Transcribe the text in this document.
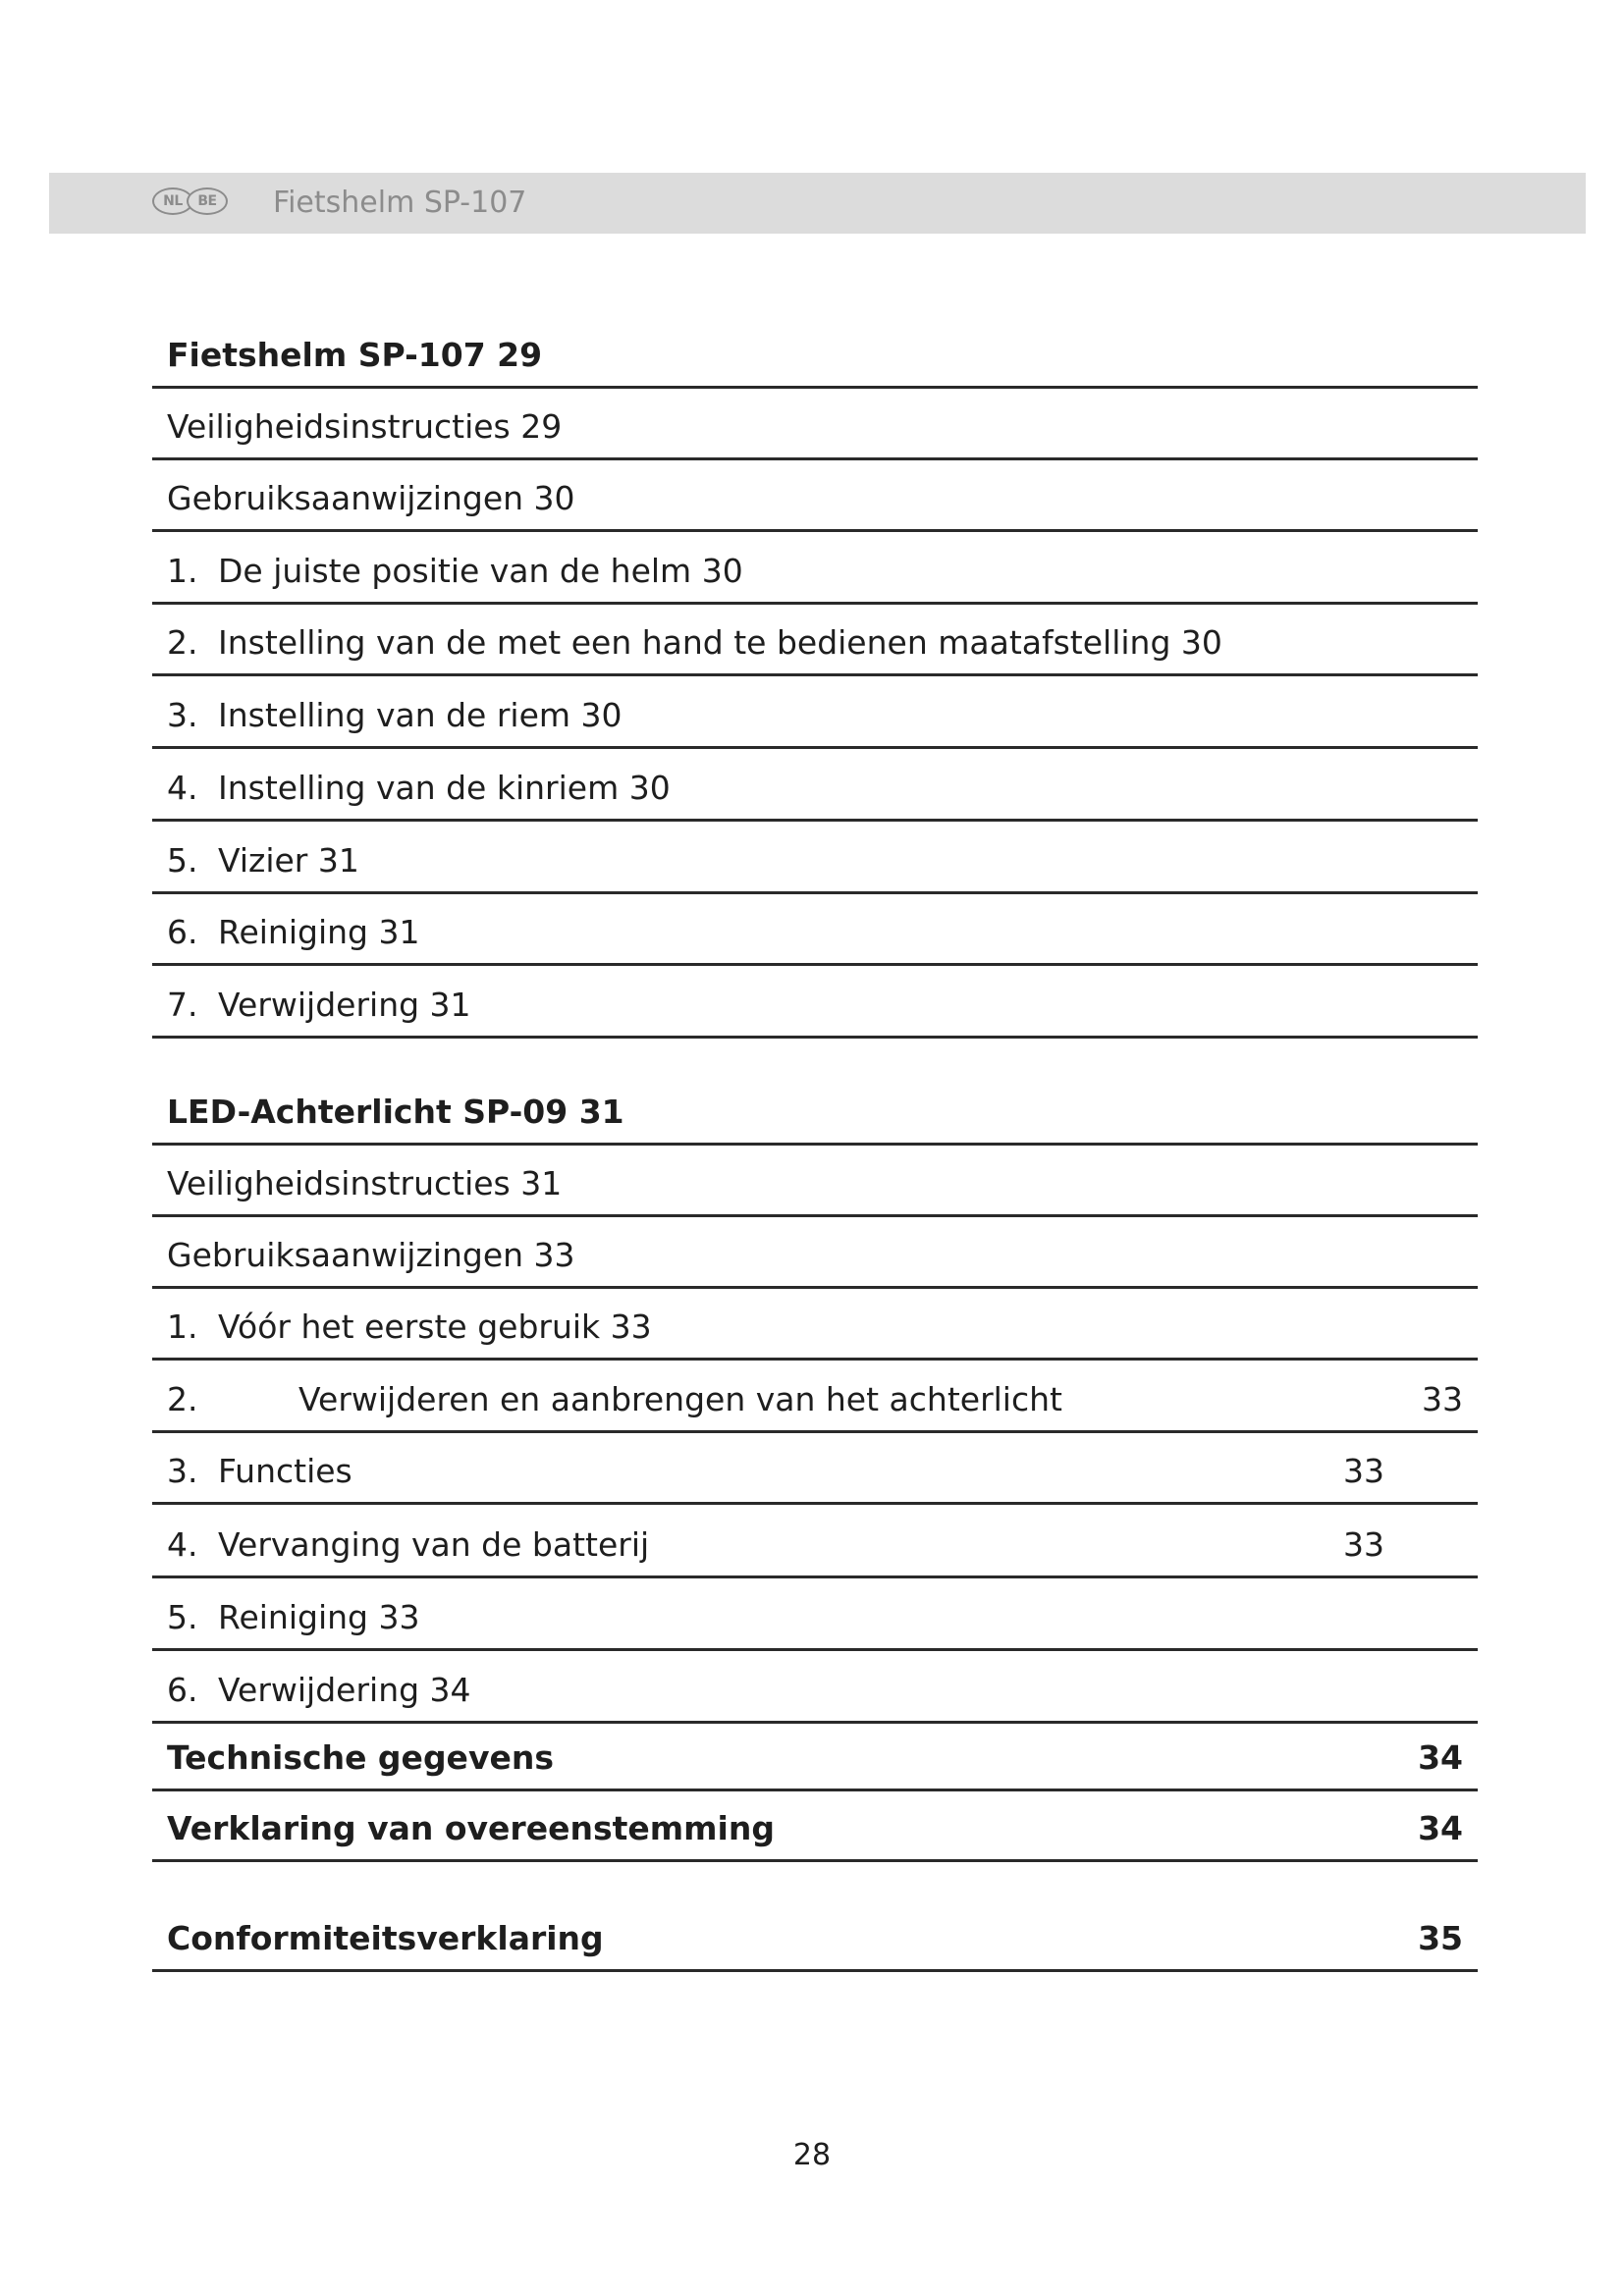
NL	BE	Fietshelm SP-107
Fietshelm SP-107 29
Veiligheidsinstructies 29
Gebruiksaanwijzingen 30
1. De juiste positie van de helm 30
2. Instelling van de met een hand te bedienen maatafstelling 30
3. Instelling van de riem 30
4. Instelling van de kinriem 30
5. Vizier 31
6. Reiniging 31
7. Verwijdering 31
LED-Achterlicht SP-09 31
Veiligheidsinstructies 31
Gebruiksaanwijzingen 33
1. Vóór het eerste gebruik 33
2.	Verwijderen en aanbrengen van het achterlicht	33
3. Functies	33
4. Vervanging van de batterij	33
5. Reiniging 33
6. Verwijdering 34
Technische gegevens	34
Verklaring van overeenstemming	34
Conformiteitsverklaring	35
28
